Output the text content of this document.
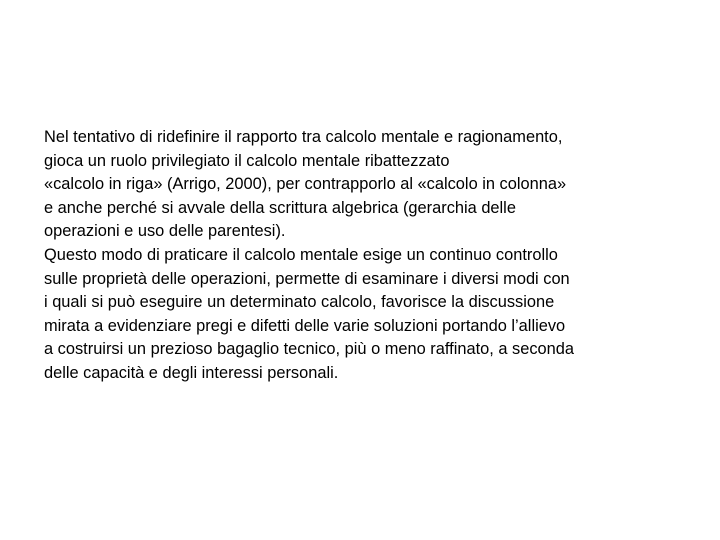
Nel tentativo di ridefinire il rapporto tra calcolo mentale e ragionamento,
gioca un ruolo privilegiato il calcolo mentale ribattezzato
«calcolo in riga» (Arrigo, 2000), per contrapporlo al «calcolo in colonna»
e anche perché si avvale della scrittura algebrica (gerarchia delle
operazioni e uso delle parentesi).
Questo modo di praticare il calcolo mentale esige un continuo controllo
sulle proprietà delle operazioni, permette di esaminare i diversi modi con
i quali si può eseguire un determinato calcolo, favorisce la discussione
mirata a evidenziare pregi e difetti delle varie soluzioni portando l’allievo
a costruirsi un prezioso bagaglio tecnico, più o meno raffinato, a seconda
delle capacità e degli interessi personali.
